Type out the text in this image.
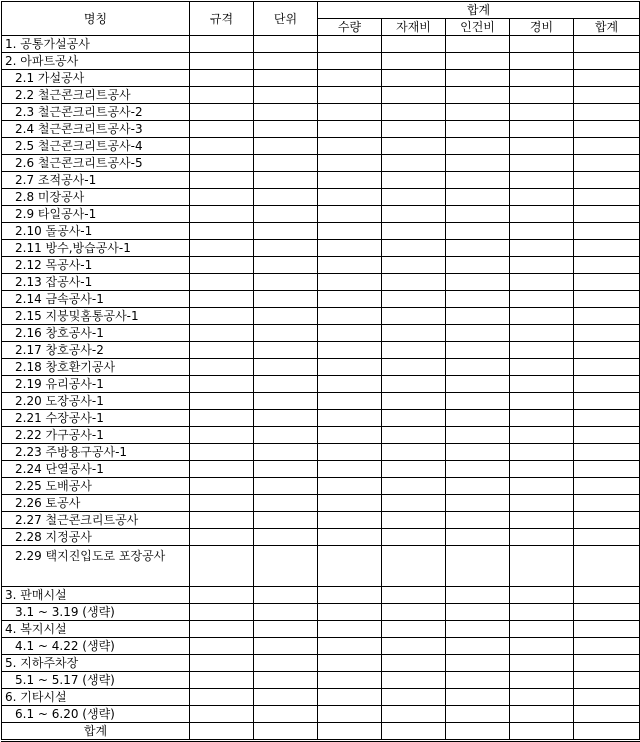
명칭	규격	단위	합계				
			수량	자재비	인건비	경비	합계
1. 공통가설공사							
2. 아파트공사							
2.1 가설공사							
2.2 철근콘크리트공사							
2.3 철근콘크리트공사-2							
2.4 철근콘크리트공사-3							
2.5 철근콘크리트공사-4							
2.6 철근콘크리트공사-5							
2.7 조적공사-1							
2.8 미장공사							
2.9 타일공사-1							
2.10 돌공사-1							
2.11 방수,방습공사-1							
2.12 목공사-1							
2.13 잡공사-1							
2.14 금속공사-1							
2.15 지붕및홈통공사-1							
2.16 창호공사-1							
2.17 창호공사-2							
2.18 창호환기공사							
2.19 유리공사-1							
2.20 도장공사-1							
2.21 수장공사-1							
2.22 가구공사-1							
2.23 주방용구공사-1							
2.24 단열공사-1							
2.25 도배공사							
2.26 토공사							
2.27 철근콘크리트공사							
2.28 지정공사							
2.29 택지진입도로 포장공사							
3. 판매시설							
3.1 ~ 3.19 (생략)							
4. 복지시설							
4.1 ~ 4.22 (생략)							
5. 지하주차장							
5.1 ~ 5.17 (생략)							
6. 기타시설							
6.1 ~ 6.20 (생략)							
합계							
